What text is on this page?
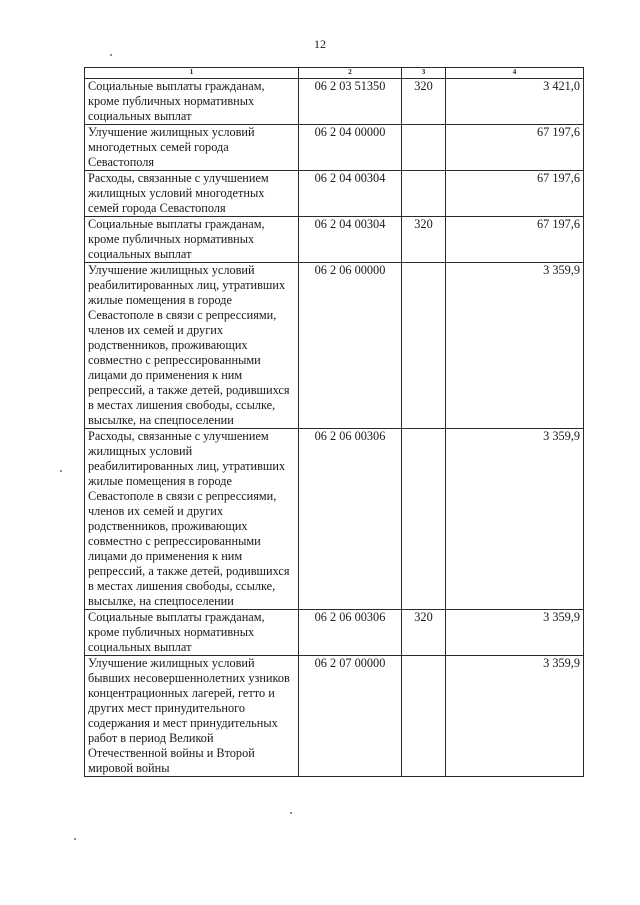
12
1	2	3	4
Социальные выплаты гражданам, кроме публичных нормативных социальных выплат	06 2 03 51350	320	3 421,0
Улучшение жилищных условий многодетных семей города Севастополя	06 2 04 00000		67 197,6
Расходы, связанные с улучшением жилищных условий многодетных семей города Севастополя	06 2 04 00304		67 197,6
Социальные выплаты гражданам, кроме публичных нормативных социальных выплат	06 2 04 00304	320	67 197,6
Улучшение жилищных условий реабилитированных лиц, утративших жилые помещения в городе Севастополе в связи с репрессиями, членов их семей и других родственников, проживающих совместно с репрессированными лицами до применения к ним репрессий, а также детей, родившихся в местах лишения свободы, ссылке, высылке, на спецпоселении	06 2 06 00000		3 359,9
Расходы, связанные с улучшением жилищных условий реабилитированных лиц, утративших жилые помещения в городе Севастополе в связи с репрессиями, членов их семей и других родственников, проживающих совместно с репрессированными лицами до применения к ним репрессий, а также детей, родившихся в местах лишения свободы, ссылке, высылке, на спецпоселении	06 2 06 00306		3 359,9
Социальные выплаты гражданам, кроме публичных нормативных социальных выплат	06 2 06 00306	320	3 359,9
Улучшение жилищных условий бывших несовершеннолетних узников концентрационных лагерей, гетто и других мест принудительного содержания и мест принудительных работ в период Великой Отечественной войны и Второй мировой войны	06 2 07 00000		3 359,9
